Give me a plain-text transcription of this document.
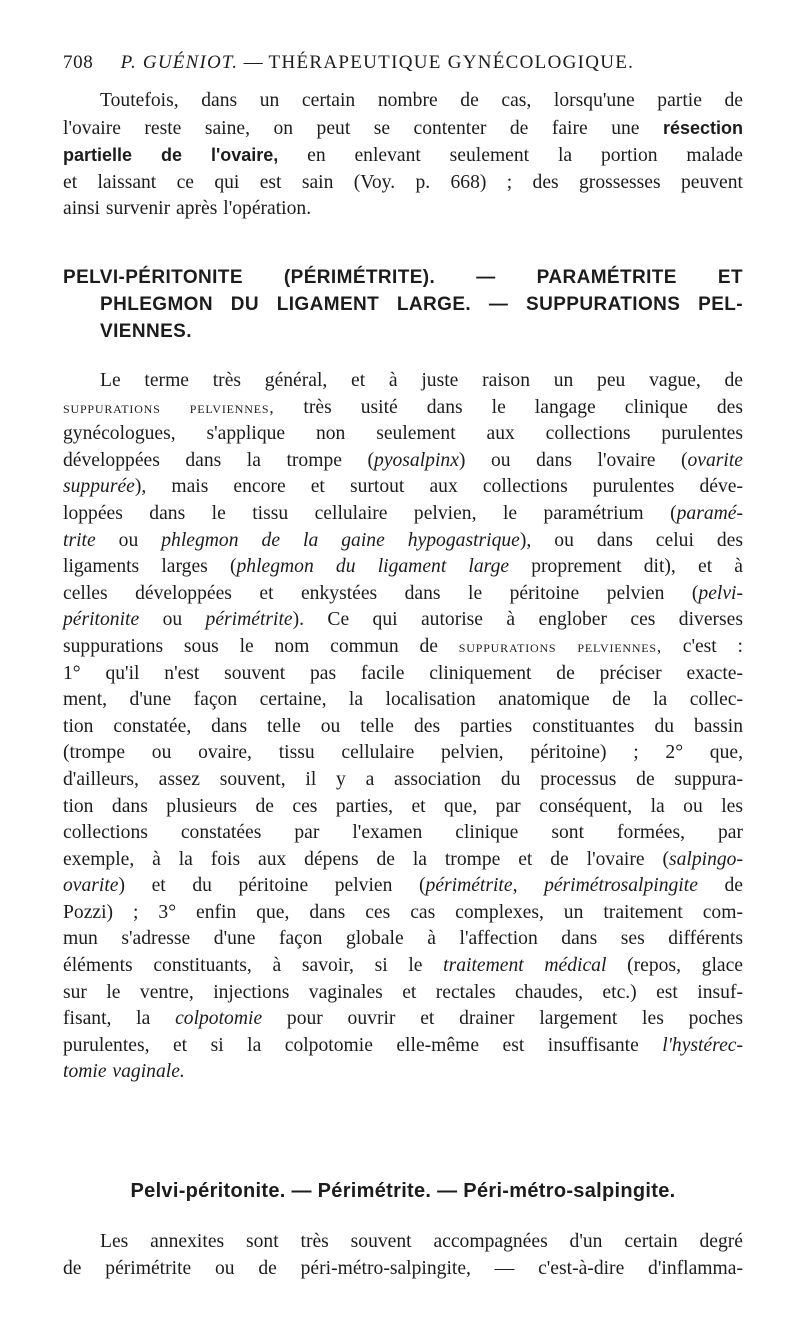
708 P. GUÉNIOT. — THÉRAPEUTIQUE GYNÉCOLOGIQUE.

Toutefois, dans un certain nombre de cas, lorsqu'une partie de
l'ovaire reste saine, on peut se contenter de faire une résection
partielle de l'ovaire, en enlevant seulement la portion malade
et laissant ce qui est sain (Voy. p. 668) ; des grossesses peuvent
ainsi survenir après l'opération.

PELVI-PÉRITONITE (PÉRIMÉTRITE). — PARAMÉTRITE ET
PHLEGMON DU LIGAMENT LARGE. — SUPPURATIONS PEL-
VIENNES.

Le terme très général, et à juste raison un peu vague, de
suppurations pelviennes, très usité dans le langage clinique des
gynécologues, s'applique non seulement aux collections purulentes
développées dans la trompe (pyosalpinx) ou dans l'ovaire (ovarite
suppurée), mais encore et surtout aux collections purulentes déve-
loppées dans le tissu cellulaire pelvien, le paramétrium (paramé-
trite ou phlegmon de la gaine hypogastrique), ou dans celui des
ligaments larges (phlegmon du ligament large proprement dit), et à
celles développées et enkystées dans le péritoine pelvien (pelvi-
péritonite ou périmétrite). Ce qui autorise à englober ces diverses
suppurations sous le nom commun de suppurations pelviennes, c'est :
1° qu'il n'est souvent pas facile cliniquement de préciser exacte-
ment, d'une façon certaine, la localisation anatomique de la collec-
tion constatée, dans telle ou telle des parties constituantes du bassin
(trompe ou ovaire, tissu cellulaire pelvien, péritoine) ; 2° que,
d'ailleurs, assez souvent, il y a association du processus de suppura-
tion dans plusieurs de ces parties, et que, par conséquent, la ou les
collections constatées par l'examen clinique sont formées, par
exemple, à la fois aux dépens de la trompe et de l'ovaire (salpingo-
ovarite) et du péritoine pelvien (périmétrite, périmétrosalpingite de
Pozzi) ; 3° enfin que, dans ces cas complexes, un traitement com-
mun s'adresse d'une façon globale à l'affection dans ses différents
éléments constituants, à savoir, si le traitement médical (repos, glace
sur le ventre, injections vaginales et rectales chaudes, etc.) est insuf-
fisant, la colpotomie pour ouvrir et drainer largement les poches
purulentes, et si la colpotomie elle-même est insuffisante l'hystérec-
tomie vaginale.

Pelvi-péritonite. — Périmétrite. — Péri-métro-salpingite.

Les annexites sont très souvent accompagnées d'un certain degré
de périmétrite ou de péri-métro-salpingite, — c'est-à-dire d'inflamma-
